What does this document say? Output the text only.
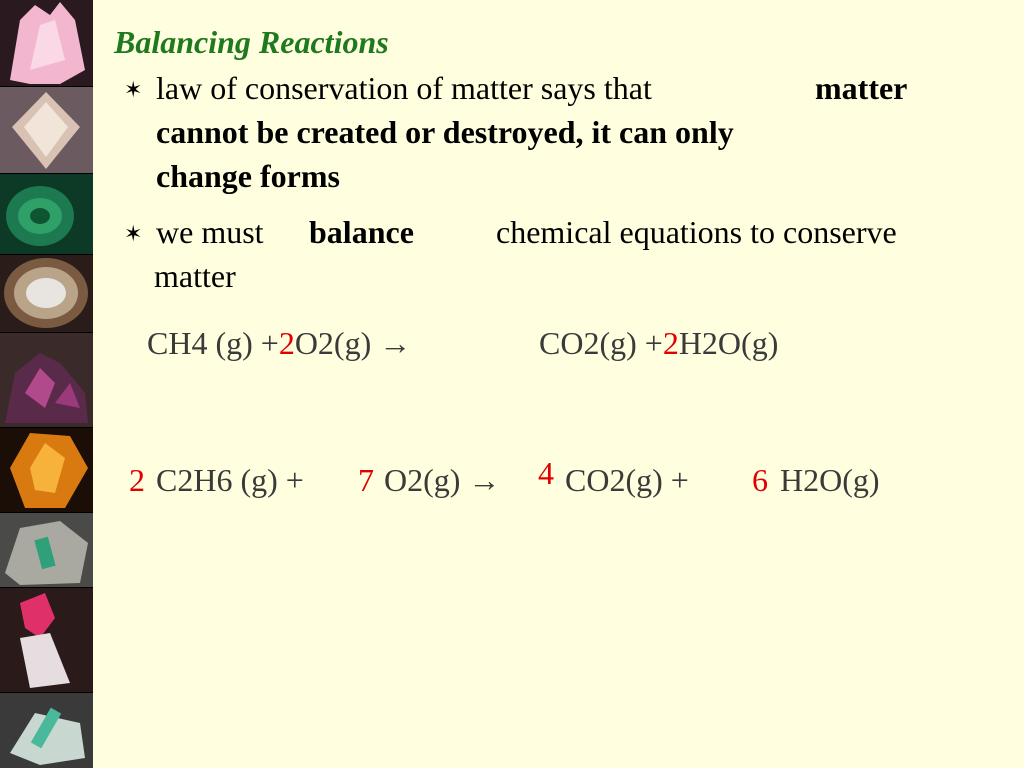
Balancing Reactions
✶ law of conservation of matter says that	matter
cannot be created or destroyed, it can only
change forms
✶ we must balance	chemical equations to conserve
matter
CH4 (g) +2O2(g) →	CO2(g) +2H2O(g)
2 C2H6 (g) + 7 O2(g) → 4 CO2(g) + 6 H2O(g)
